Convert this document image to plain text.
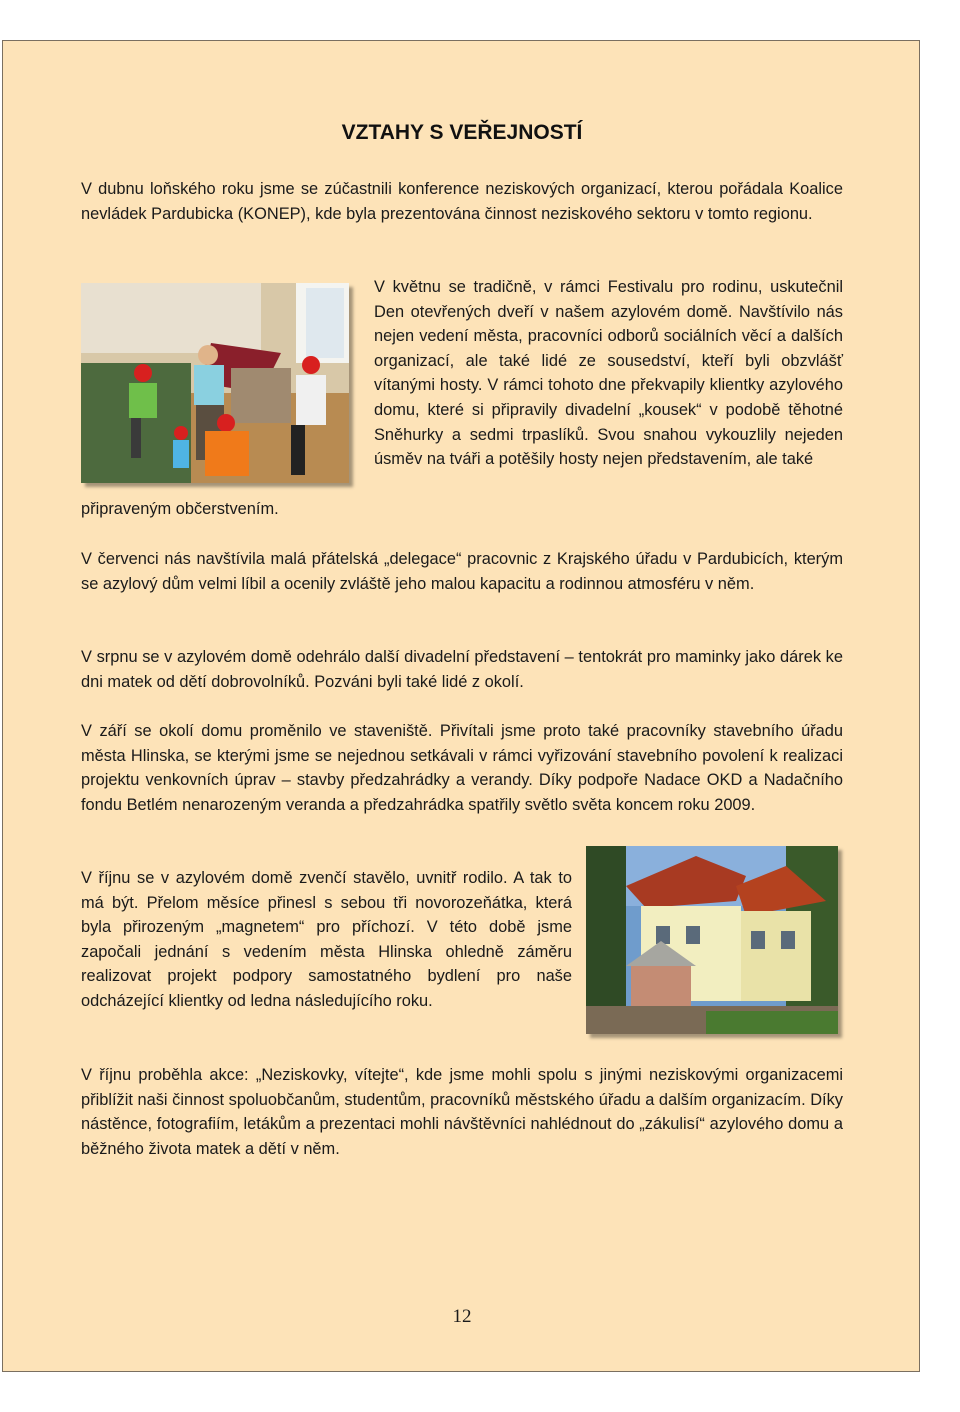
VZTAHY S VEŘEJNOSTÍ

V dubnu loňského roku jsme se zúčastnili konference neziskových organizací, kterou pořádala Koalice nevládek Pardubicka (KONEP), kde byla prezentována činnost neziskového sektoru v tomto regionu.

V květnu se tradičně, v rámci Festivalu pro rodinu, uskutečnil Den otevřených dveří v našem azylovém domě. Navštívilo nás nejen vedení města, pracovníci odborů sociálních věcí a dalších organizací, ale také lidé ze sousedství, kteří byli obzvlášť vítanými hosty. V rámci tohoto dne překvapily klientky azylového domu, které si připravily divadelní „kousek“ v podobě těhotné Sněhurky a sedmi trpaslíků. Svou snahou vykouzlily nejeden úsměv na tváři a potěšily hosty nejen představením, ale také

připraveným občerstvením.

V červenci nás navštívila malá přátelská „delegace“ pracovnic z Krajského úřadu v Pardubicích, kterým se azylový dům velmi líbil a ocenily zvláště jeho malou kapacitu a rodinnou atmosféru v něm.

V srpnu se v azylovém domě odehrálo další divadelní představení – tentokrát pro maminky jako dárek ke dni matek od dětí dobrovolníků. Pozváni byli také lidé z okolí.

V září se okolí domu proměnilo ve staveniště. Přivítali jsme proto také pracovníky stavebního úřadu města Hlinska, se kterými jsme se nejednou setkávali v rámci vyřizování stavebního povolení k realizaci projektu venkovních úprav – stavby předzahrádky a verandy. Díky podpoře Nadace OKD a Nadačního fondu Betlém nenarozeným veranda a předzahrádka spatřily světlo světa koncem roku 2009.

V říjnu se v azylovém domě zvenčí stavělo, uvnitř rodilo. A tak to má být. Přelom měsíce přinesl s sebou tři novorozeňátka, která byla přirozeným „magnetem“ pro příchozí. V této době jsme započali jednání s vedením města Hlinska ohledně záměru realizovat projekt podpory samostatného bydlení pro naše odcházející klientky od ledna následujícího roku.

V říjnu proběhla akce: „Neziskovky, vítejte“, kde jsme mohli spolu s jinými neziskovými organizacemi přiblížit naši činnost spoluobčanům, studentům, pracovníků městského úřadu a dalším organizacím. Díky nástěnce, fotografiím, letákům a prezentaci mohli návštěvníci nahlédnout do „zákulisí“ azylového domu a běžného života matek a dětí v něm.

12
